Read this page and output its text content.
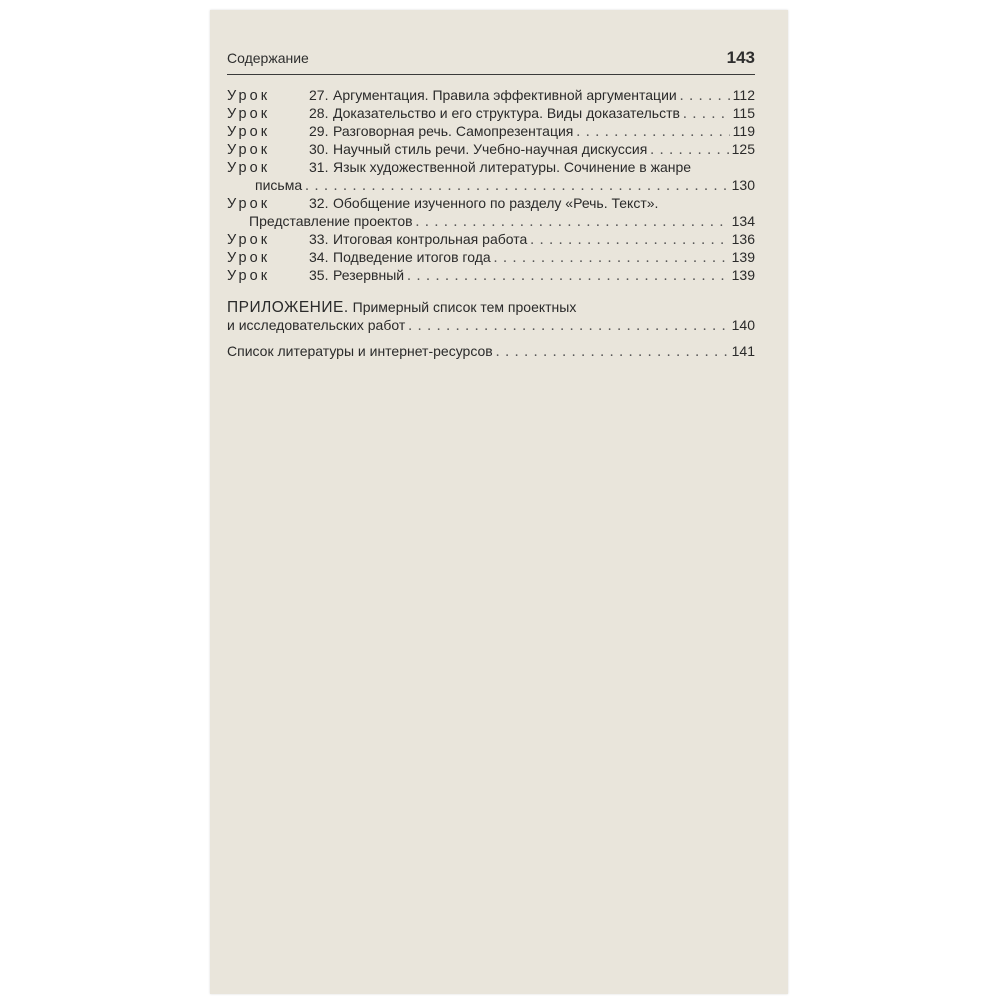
Содержание	143
Урок	27. Аргументация. Правила эффективной аргументации . . .	112
Урок	28. Доказательство и его структура. Виды доказательств . . .	115
Урок	29. Разговорная речь. Самопрезентация . . .	119
Урок	30. Научный стиль речи. Учебно-научная дискуссия . . .	125
Урок	31. Язык художественной литературы. Сочинение в жанре
письма . . .	130
Урок	32. Обобщение изученного по разделу «Речь. Текст».
Представление проектов . . .	134
Урок	33. Итоговая контрольная работа . . .	136
Урок	34. Подведение итогов года . . .	139
Урок	35. Резервный . . .	139
ПРИЛОЖЕНИЕ. Примерный список тем проектных
и исследовательских работ . . .	140
Список литературы и интернет-ресурсов . . .	141
